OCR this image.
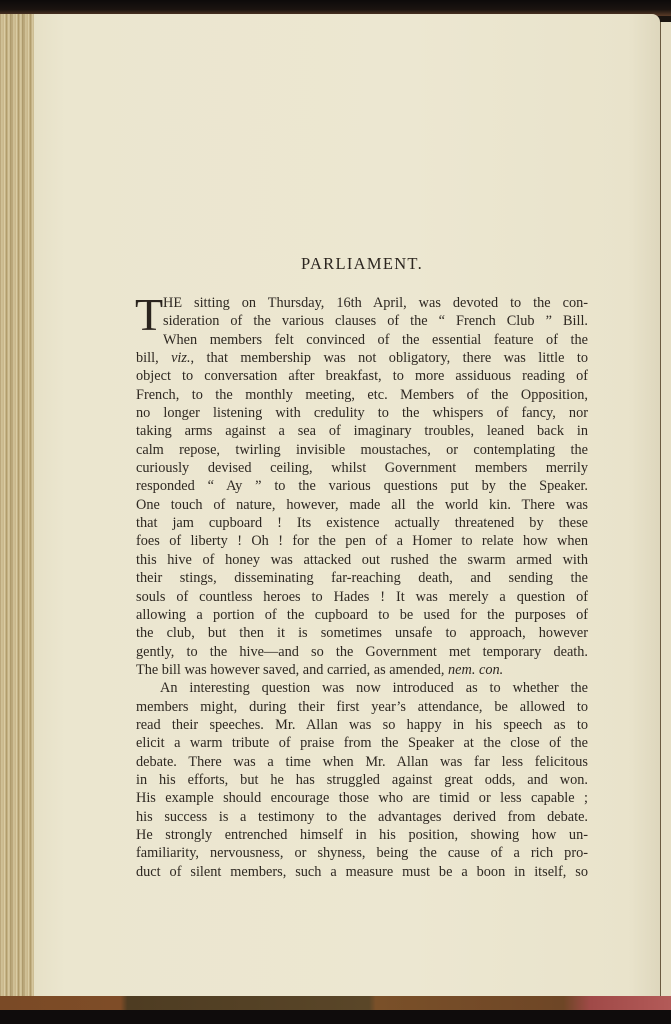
PARLIAMENT.
T HE sitting on Thursday, 16th April, was devoted to the con-
sideration of the various clauses of the “ French Club ” Bill.
When members felt convinced of the essential feature of the
bill, viz., that membership was not obligatory, there was little to
object to conversation after breakfast, to more assiduous reading of
French, to the monthly meeting, etc. Members of the Opposition,
no longer listening with credulity to the whispers of fancy, nor
taking arms against a sea of imaginary troubles, leaned back in
calm repose, twirling invisible moustaches, or contemplating the
curiously devised ceiling, whilst Government members merrily
responded “ Ay ” to the various questions put by the Speaker.
One touch of nature, however, made all the world kin. There was
that jam cupboard ! Its existence actually threatened by these
foes of liberty ! Oh ! for the pen of a Homer to relate how when
this hive of honey was attacked out rushed the swarm armed with
their stings, disseminating far-reaching death, and sending the
souls of countless heroes to Hades ! It was merely a question of
allowing a portion of the cupboard to be used for the purposes of
the club, but then it is sometimes unsafe to approach, however
gently, to the hive—and so the Government met temporary death.
The bill was however saved, and carried, as amended, nem. con.
An interesting question was now introduced as to whether the
members might, during their first year’s attendance, be allowed to
read their speeches. Mr. Allan was so happy in his speech as to
elicit a warm tribute of praise from the Speaker at the close of the
debate. There was a time when Mr. Allan was far less felicitous
in his efforts, but he has struggled against great odds, and won.
His example should encourage those who are timid or less capable ;
his success is a testimony to the advantages derived from debate.
He strongly entrenched himself in his position, showing how un-
familiarity, nervousness, or shyness, being the cause of a rich pro-
duct of silent members, such a measure must be a boon in itself, so
